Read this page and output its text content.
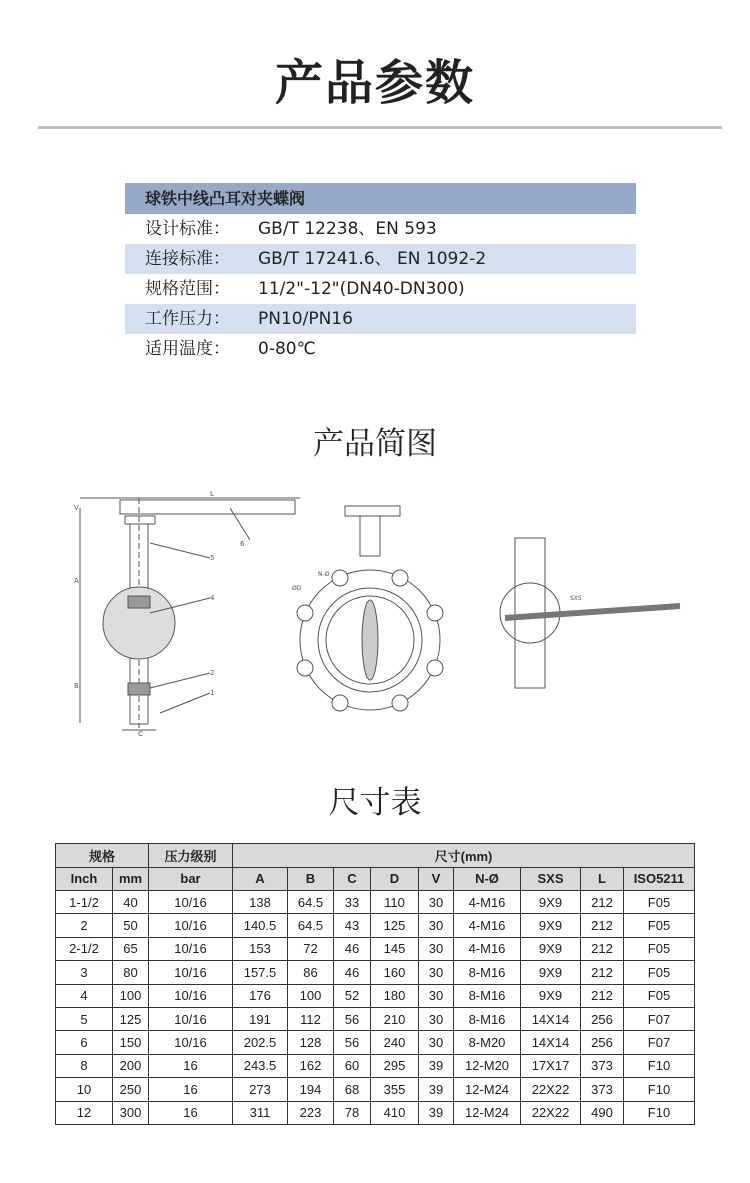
产品参数
球铁中线凸耳对夹蝶阀
设计标准：	GB/T 12238、EN 593
连接标准：	GB/T 17241.6、 EN 1092-2
规格范围：	11/2"-12"(DN40-DN300)
工作压力：	PN10/PN16
适用温度：	0-80℃
产品简图
L
V
A
B
C
6
5
4
2
1
N-Ø
ØD
SXS
尺寸表
规格		压力级别	尺寸(mm)								
Inch	mm	bar	A	B	C	D	V	N-Ø	SXS	L	ISO5211
1-1/2	40	10/16	138	64.5	33	110	30	4-M16	9X9	212	F05
2	50	10/16	140.5	64.5	43	125	30	4-M16	9X9	212	F05
2-1/2	65	10/16	153	72	46	145	30	4-M16	9X9	212	F05
3	80	10/16	157.5	86	46	160	30	8-M16	9X9	212	F05
4	100	10/16	176	100	52	180	30	8-M16	9X9	212	F05
5	125	10/16	191	112	56	210	30	8-M16	14X14	256	F07
6	150	10/16	202.5	128	56	240	30	8-M20	14X14	256	F07
8	200	16	243.5	162	60	295	39	12-M20	17X17	373	F10
10	250	16	273	194	68	355	39	12-M24	22X22	373	F10
12	300	16	311	223	78	410	39	12-M24	22X22	490	F10
